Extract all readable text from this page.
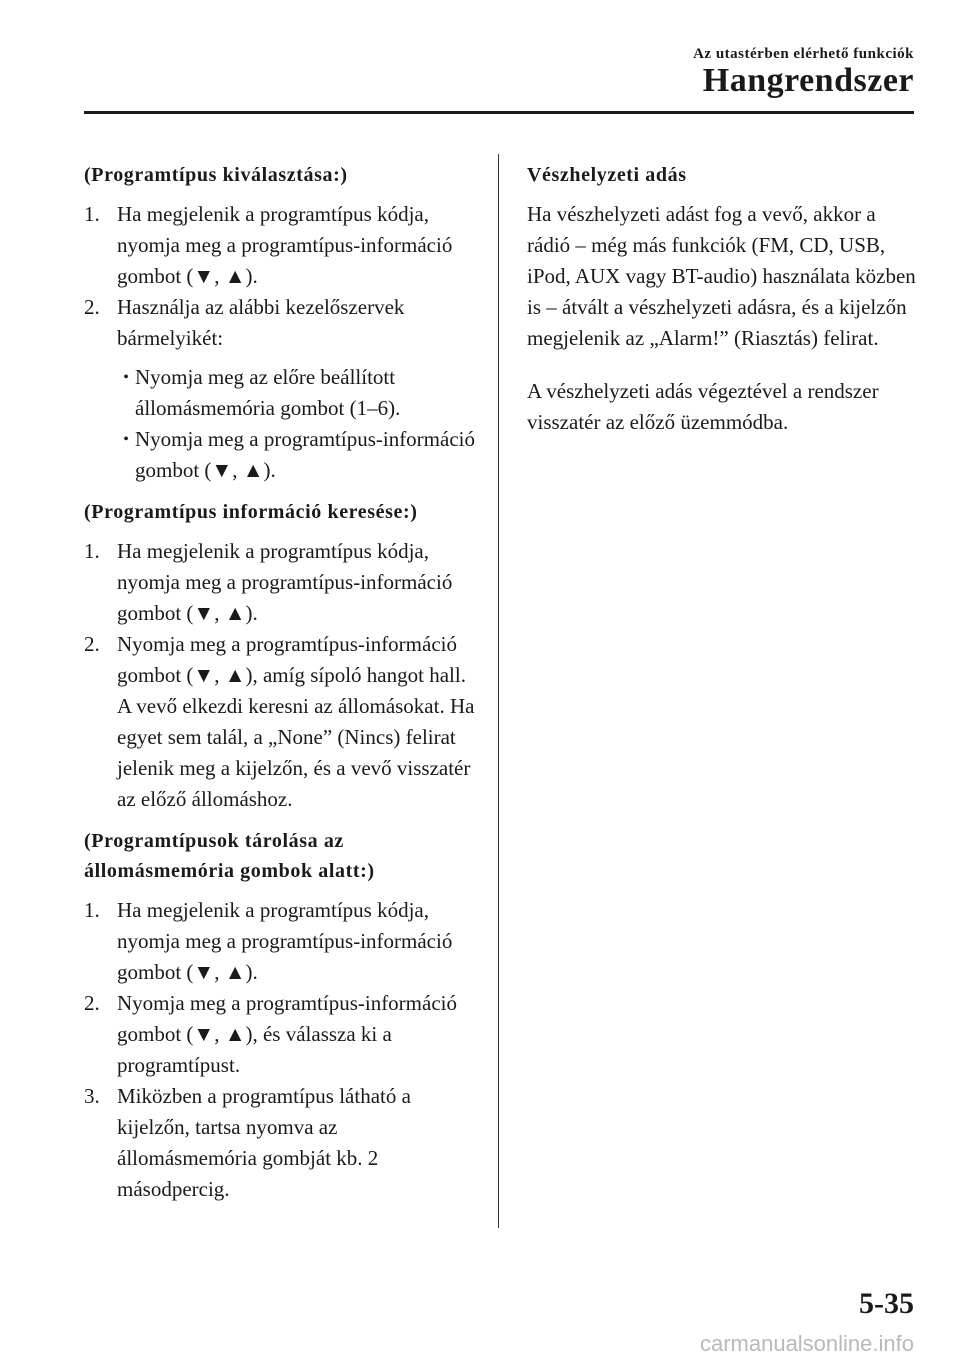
Az utastérben elérhető funkciók
Hangrendszer
(Programtípus kiválasztása:)
1. Ha megjelenik a programtípus kódja, nyomja meg a programtípus-információ gombot (▼, ▲).
2. Használja az alábbi kezelőszervek bármelyikét:
• Nyomja meg az előre beállított állomásmemória gombot (1–6).
• Nyomja meg a programtípus-információ gombot (▼, ▲).
(Programtípus információ keresése:)
1. Ha megjelenik a programtípus kódja, nyomja meg a programtípus-információ gombot (▼, ▲).
2. Nyomja meg a programtípus-információ gombot (▼, ▲), amíg sípoló hangot hall. A vevő elkezdi keresni az állomásokat. Ha egyet sem talál, a „None” (Nincs) felirat jelenik meg a kijelzőn, és a vevő visszatér az előző állomáshoz.
(Programtípusok tárolása az állomásmemória gombok alatt:)
1. Ha megjelenik a programtípus kódja, nyomja meg a programtípus-információ gombot (▼, ▲).
2. Nyomja meg a programtípus-információ gombot (▼, ▲), és válassza ki a programtípust.
3. Miközben a programtípus látható a kijelzőn, tartsa nyomva az állomásmemória gombját kb. 2 másodpercig.
Vészhelyzeti adás

Ha vészhelyzeti adást fog a vevő, akkor a rádió – még más funkciók (FM, CD, USB, iPod, AUX vagy BT-audio) használata közben is – átvált a vészhelyzeti adásra, és a kijelzőn megjelenik az „Alarm!” (Riasztás) felirat.

A vészhelyzeti adás végeztével a rendszer visszatér az előző üzemmódba.

5-35
carmanualsonline.info
